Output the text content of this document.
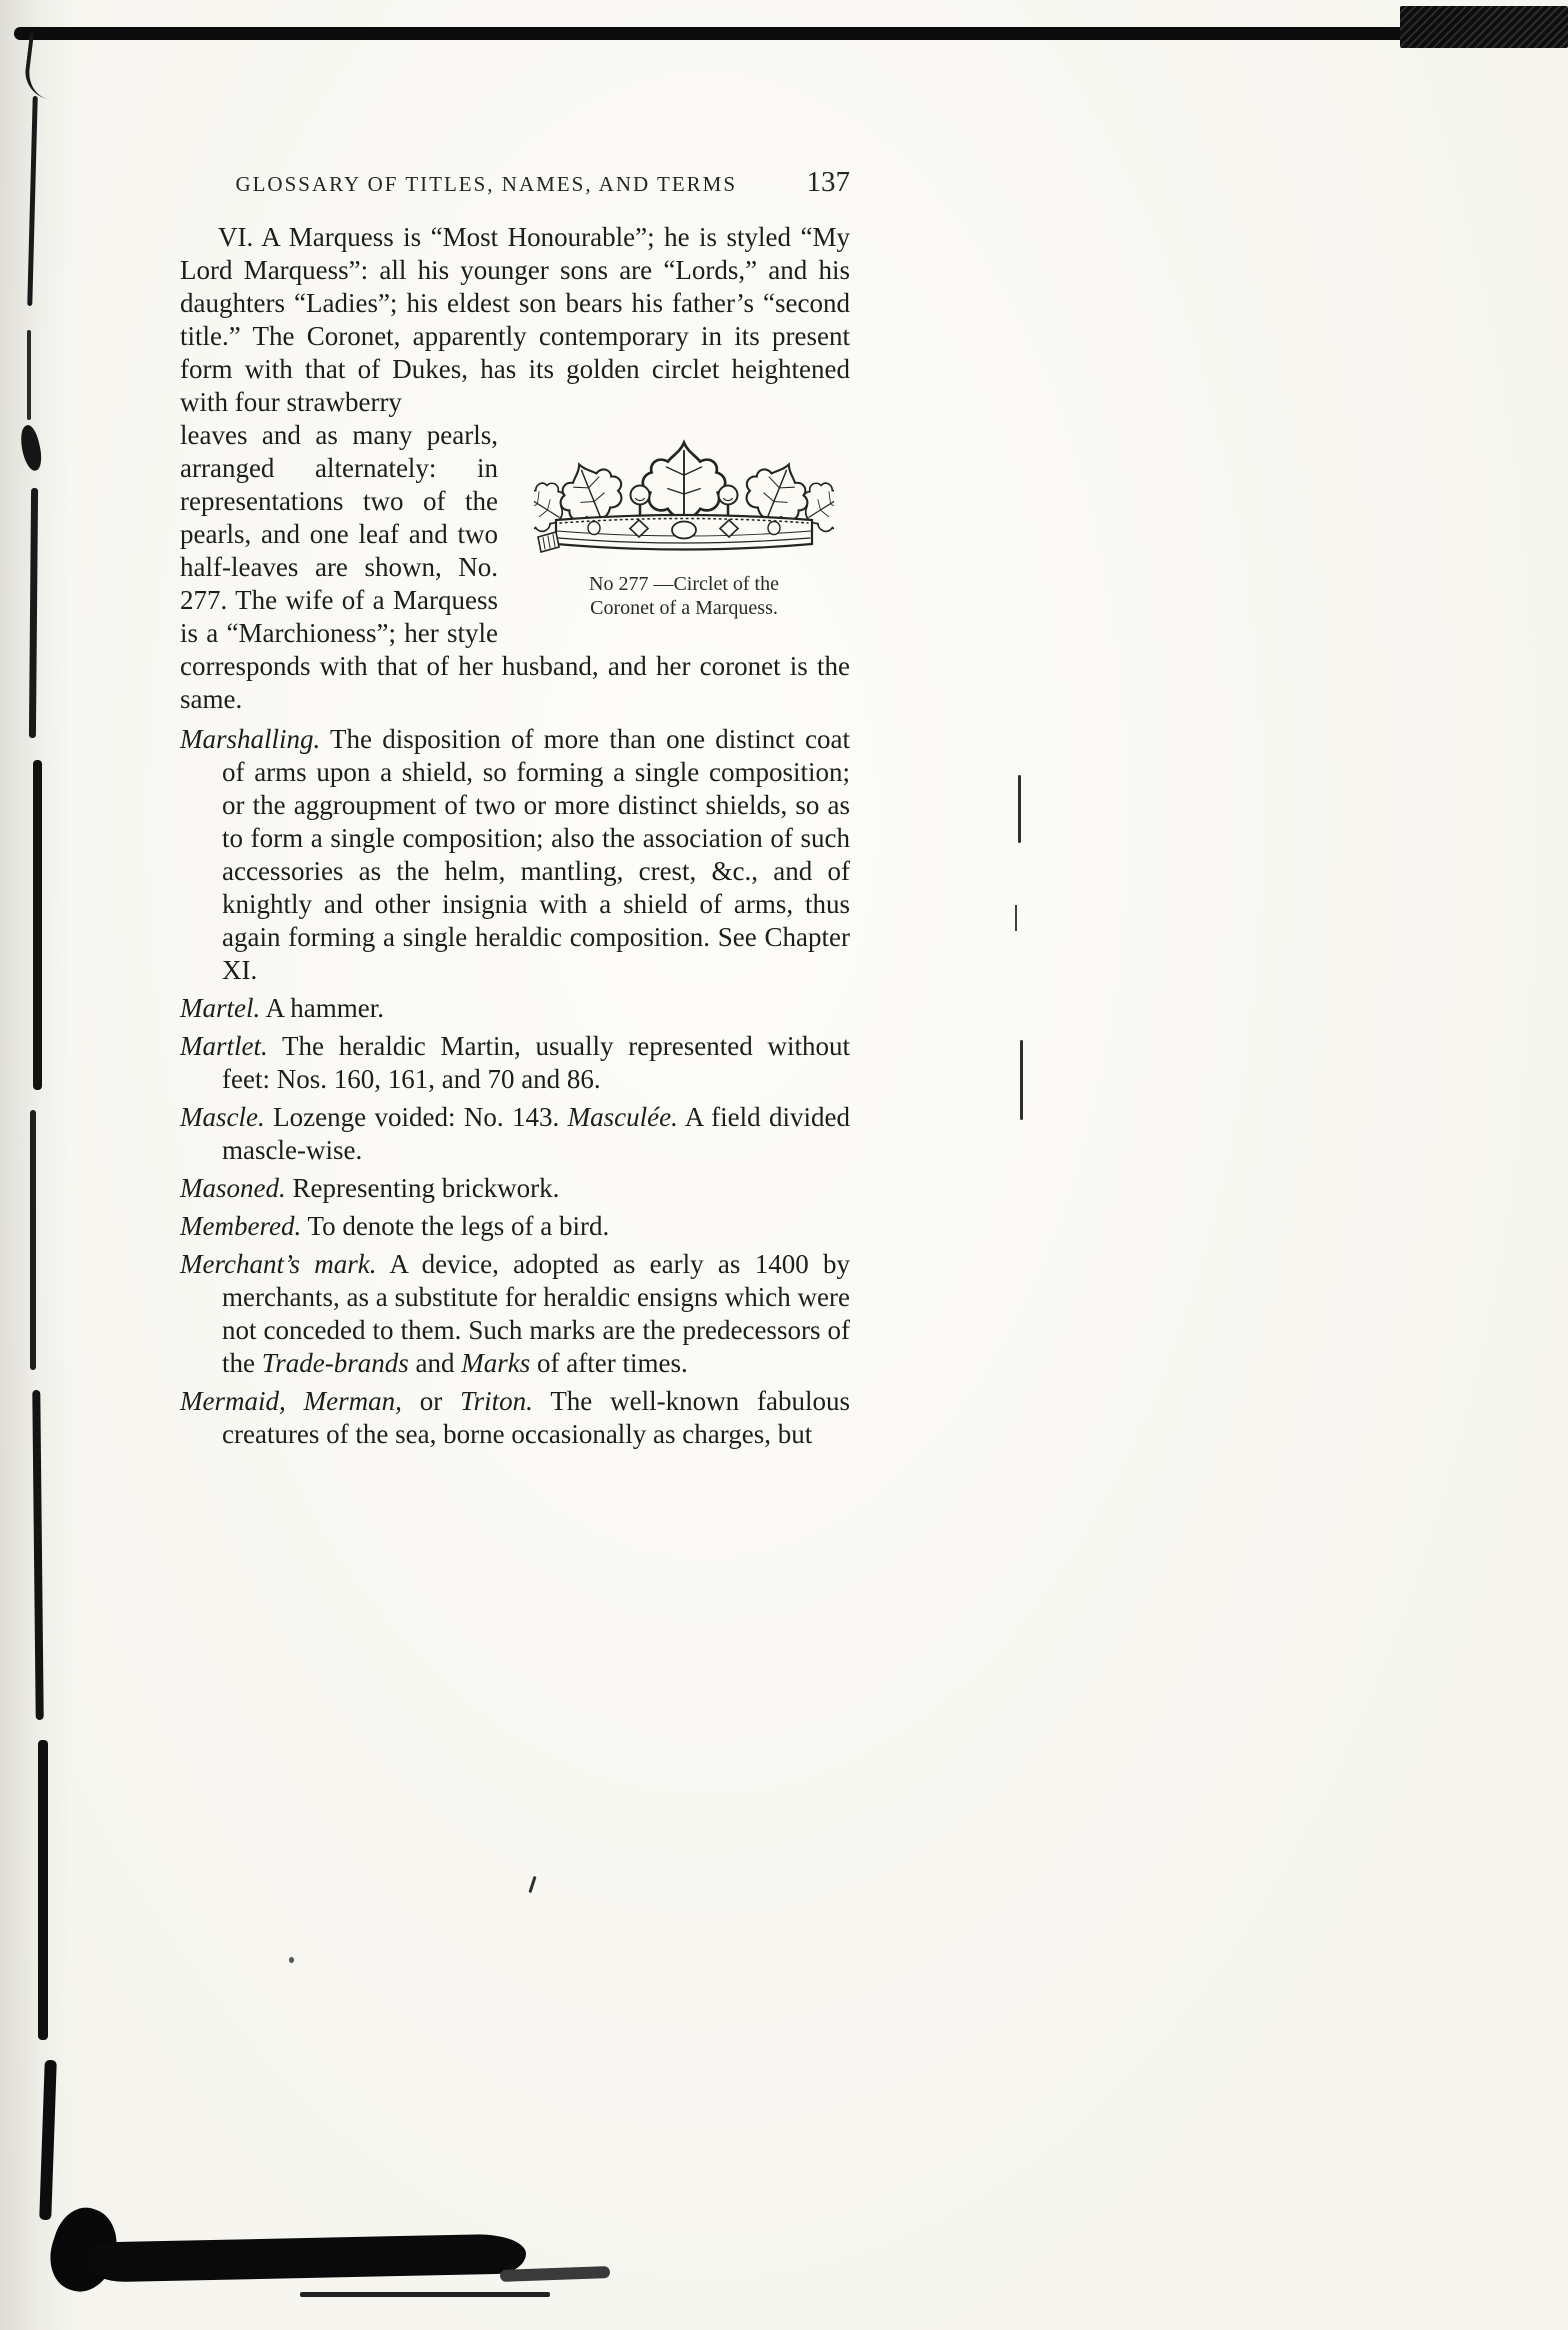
GLOSSARY OF TITLES, NAMES, AND TERMS	137

VI. A Marquess is “Most Honourable”; he is styled “My Lord Marquess”: all his younger sons are “Lords,” and his daughters “Ladies”; his eldest son bears his father’s “second title.” The Coronet, apparently contemporary in its present form with that of Dukes, has its golden circlet heightened with four strawberry

No 277 —Circlet of the
Coronet of a Marquess.
leaves and as many pearls, arranged alternately: in representations two of the pearls, and one leaf and two half-leaves are shown, No. 277. The wife of a Marquess is a “Marchioness”; her style corresponds with that of her husband, and her coronet is the same.

Marshalling. The disposition of more than one distinct coat of arms upon a shield, so forming a single composition; or the aggroupment of two or more distinct shields, so as to form a single composition; also the association of such accessories as the helm, mantling, crest, &c., and of knightly and other insignia with a shield of arms, thus again forming a single heraldic composition. See Chapter XI.

Martel. A hammer.

Martlet. The heraldic Martin, usually represented without feet: Nos. 160, 161, and 70 and 86.

Mascle. Lozenge voided: No. 143. Masculée. A field divided mascle-wise.

Masoned. Representing brickwork.

Membered. To denote the legs of a bird.

Merchant’s mark. A device, adopted as early as 1400 by merchants, as a substitute for heraldic ensigns which were not conceded to them. Such marks are the predecessors of the Trade-brands and Marks of after times.

Mermaid, Merman, or Triton. The well-known fabulous creatures of the sea, borne occasionally as charges, but
